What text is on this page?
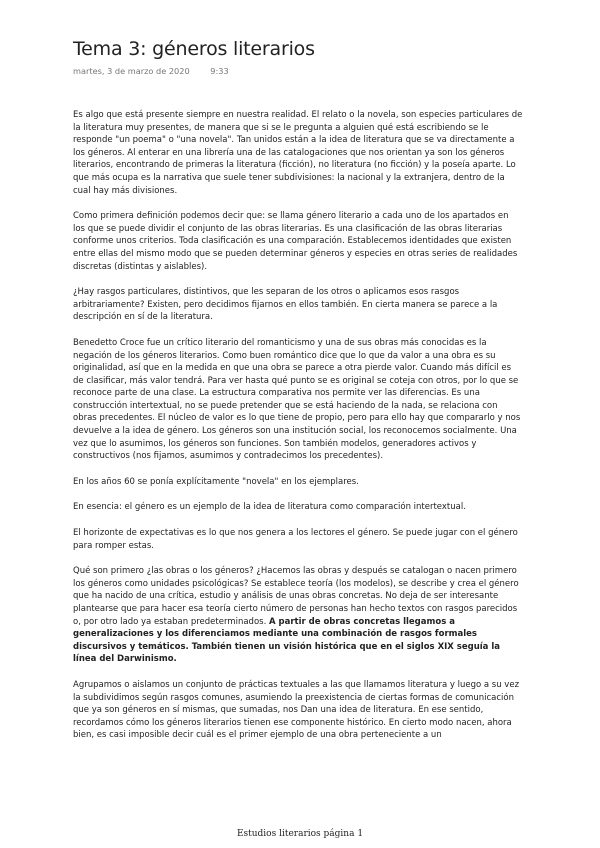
Tema 3: géneros literarios
martes, 3 de marzo de 2020	9:33

Es algo que está presente siempre en nuestra realidad. El relato o la novela, son especies particulares de la literatura muy presentes, de manera que si se le pregunta a alguien qué está escribiendo se le responde "un poema" o "una novela". Tan unidos están a la idea de literatura que se va directamente a los géneros. Al enterar en una librería una de las catalogaciones que nos orientan ya son los géneros literarios, encontrando de primeras la literatura (ficción), no literatura (no ficción) y la poseía aparte. Lo que más ocupa es la narrativa que suele tener subdivisiones: la nacional y la extranjera, dentro de la cual hay más divisiones.

Como primera definición podemos decir que: se llama género literario a cada uno de los apartados en los que se puede dividir el conjunto de las obras literarias. Es una clasificación de las obras literarias conforme unos criterios. Toda clasificación es una comparación. Establecemos identidades que existen entre ellas del mismo modo que se pueden determinar géneros y especies en otras series de realidades discretas (distintas y aislables).

¿Hay rasgos particulares, distintivos, que les separan de los otros o aplicamos esos rasgos arbitrariamente? Existen, pero decidimos fijarnos en ellos también. En cierta manera se parece a la descripción en sí de la literatura.

Benedetto Croce fue un crítico literario del romanticismo y una de sus obras más conocidas es la negación de los géneros literarios. Como buen romántico dice que lo que da valor a una obra es su originalidad, así que en la medida en que una obra se parece a otra pierde valor. Cuando más difícil es de clasificar, más valor tendrá. Para ver hasta qué punto se es original se coteja con otros, por lo que se reconoce parte de una clase. La estructura comparativa nos permite ver las diferencias. Es una construcción intertextual, no se puede pretender que se está haciendo de la nada, se relaciona con obras precedentes. El núcleo de valor es lo que tiene de propio, pero para ello hay que compararlo y nos devuelve a la idea de género. Los géneros son una institución social, los reconocemos socialmente. Una vez que lo asumimos, los géneros son funciones. Son también modelos, generadores activos y constructivos (nos fijamos, asumimos y contradecimos los precedentes).

En los años 60 se ponía explícitamente "novela" en los ejemplares.

En esencia: el género es un ejemplo de la idea de literatura como comparación intertextual.

El horizonte de expectativas es lo que nos genera a los lectores el género. Se puede jugar con el género para romper estas.

Qué son primero ¿las obras o los géneros? ¿Hacemos las obras y después se catalogan o nacen primero los géneros como unidades psicológicas? Se establece teoría (los modelos), se describe y crea el género que ha nacido de una crítica, estudio y análisis de unas obras concretas. No deja de ser interesante plantearse que para hacer esa teoría cierto número de personas han hecho textos con rasgos parecidos o, por otro lado ya estaban predeterminados. A partir de obras concretas llegamos a generalizaciones y los diferenciamos mediante una combinación de rasgos formales discursivos y temáticos. También tienen un visión histórica que en el siglos XIX seguía la línea del Darwinismo.

Agrupamos o aislamos un conjunto de prácticas textuales a las que llamamos literatura y luego a su vez la subdividimos según rasgos comunes, asumiendo la preexistencia de ciertas formas de comunicación que ya son géneros en sí mismas, que sumadas, nos Dan una idea de literatura. En ese sentido, recordamos cómo los géneros literarios tienen ese componente histórico. En cierto modo nacen, ahora bien, es casi imposible decir cuál es el primer ejemplo de una obra perteneciente a un

Estudios literarios página 1
